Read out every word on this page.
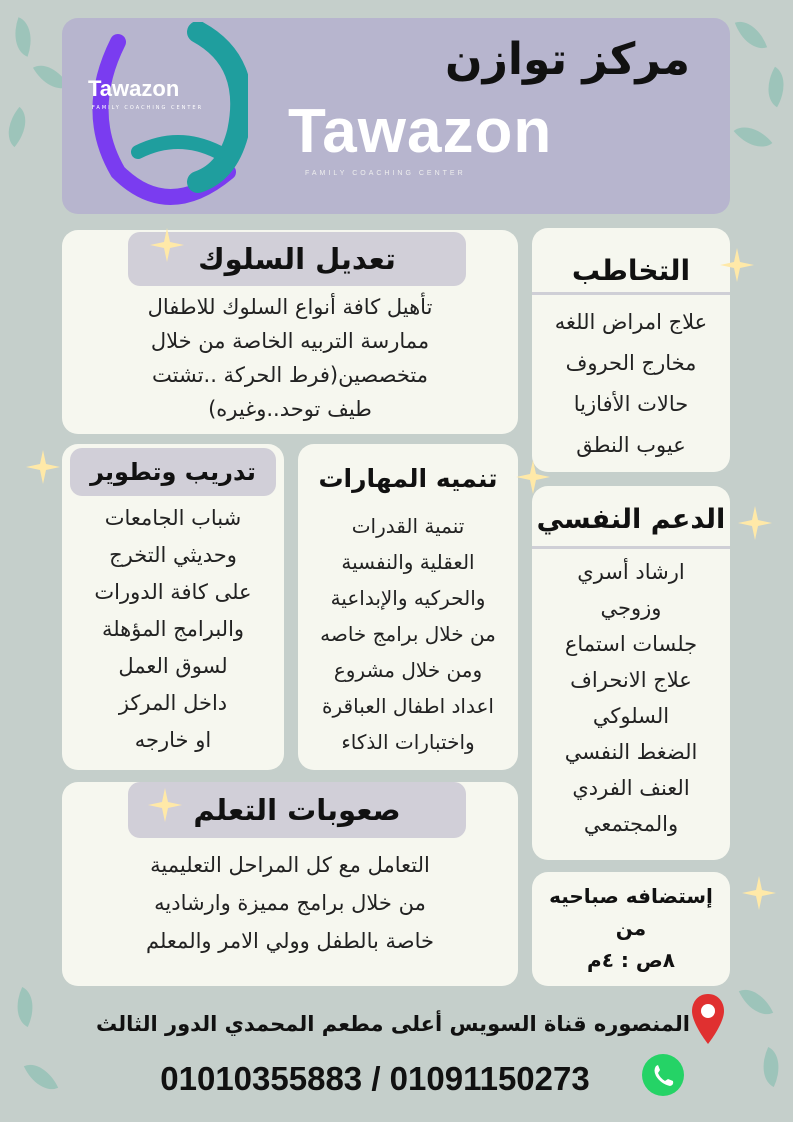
Tawazon
FAMILY COACHING CENTER
مركز توازن
Tawazon
FAMILY COACHING CENTER
تعديل السلوك
تأهيل كافة أنواع السلوك للاطفال
ممارسة التربيه الخاصة من خلال
متخصصين(فرط الحركة ..تشتت
طيف توحد..وغيره)
التخاطب
علاج امراض اللغه
مخارج الحروف
حالات الأفازيا
عيوب النطق
تدريب وتطوير
شباب الجامعات
وحديثي التخرج
على كافة الدورات
والبرامج المؤهلة
لسوق العمل
داخل المركز
او خارجه
تنميه المهارات
تنمية القدرات
العقلية والنفسية
والحركيه والإبداعية
من خلال برامج خاصه
ومن خلال مشروع
اعداد اطفال العباقرة
واختبارات الذكاء
الدعم النفسي
ارشاد أسري
وزوجي
جلسات استماع
علاج الانحراف
السلوكي
الضغط النفسي
العنف الفردي
والمجتمعي
صعوبات التعلم
التعامل مع كل المراحل التعليمية
من خلال برامج مميزة وارشاديه
خاصة بالطفل وولي الامر والمعلم
إستضافه صباحيه
من
٨ص : ٤م
المنصوره قناة السويس أعلى مطعم المحمدي الدور الثالث
01010355883 / 01091150273
